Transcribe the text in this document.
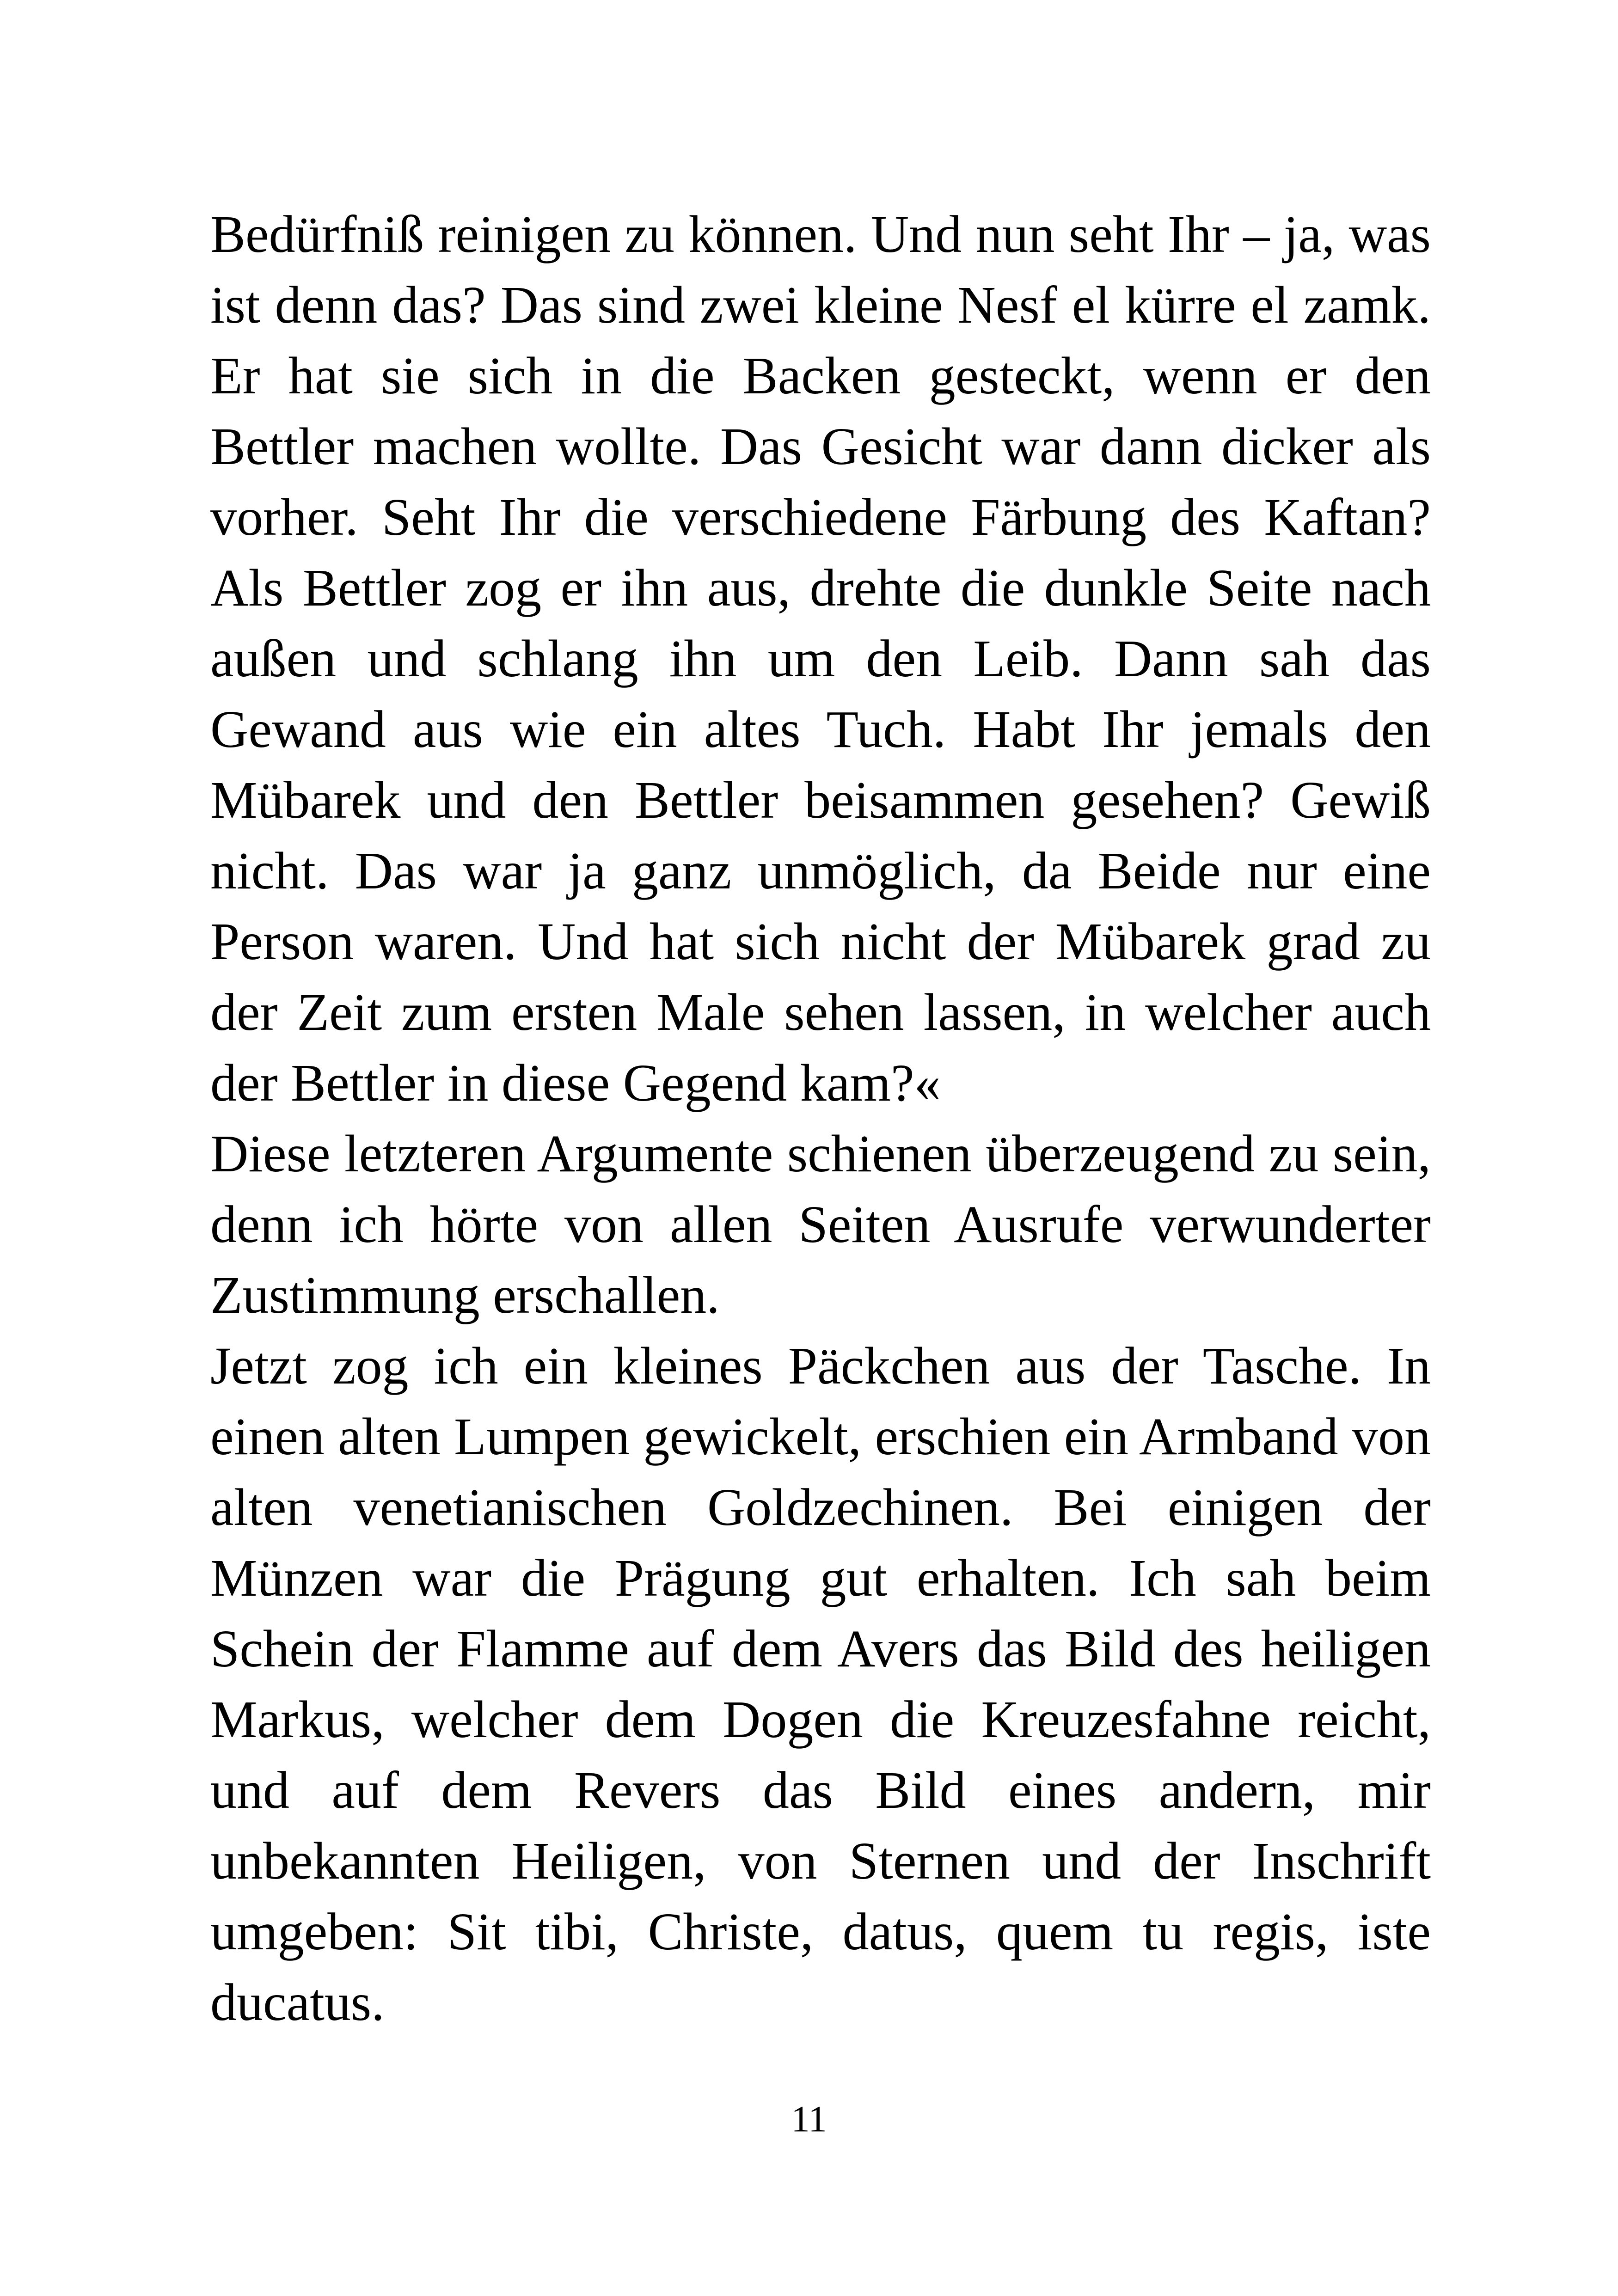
Bedürfniß reinigen zu können. Und nun seht Ihr – ja, was ist denn das? Das sind zwei kleine Nesf el kürre el zamk. Er hat sie sich in die Backen gesteckt, wenn er den Bettler machen wollte. Das Gesicht war dann dicker als vorher. Seht Ihr die verschiedene Färbung des Kaftan? Als Bettler zog er ihn aus, drehte die dunkle Seite nach außen und schlang ihn um den Leib. Dann sah das Gewand aus wie ein altes Tuch. Habt Ihr jemals den Mübarek und den Bettler beisammen gesehen? Gewiß nicht. Das war ja ganz unmöglich, da Beide nur eine Person waren. Und hat sich nicht der Mübarek grad zu der Zeit zum ersten Male sehen lassen, in welcher auch der Bettler in diese Gegend kam?«

Diese letzteren Argumente schienen überzeugend zu sein, denn ich hörte von allen Seiten Ausrufe verwunderter Zustimmung erschallen.

Jetzt zog ich ein kleines Päckchen aus der Tasche. In einen alten Lumpen gewickelt, erschien ein Armband von alten venetianischen Goldzechinen. Bei einigen der Münzen war die Prägung gut erhalten. Ich sah beim Schein der Flamme auf dem Avers das Bild des heiligen Markus, welcher dem Dogen die Kreuzesfahne reicht, und auf dem Revers das Bild eines andern, mir unbekannten Heiligen, von Sternen und der Inschrift umgeben: Sit tibi, Christe, datus, quem tu regis, iste ducatus.

11
